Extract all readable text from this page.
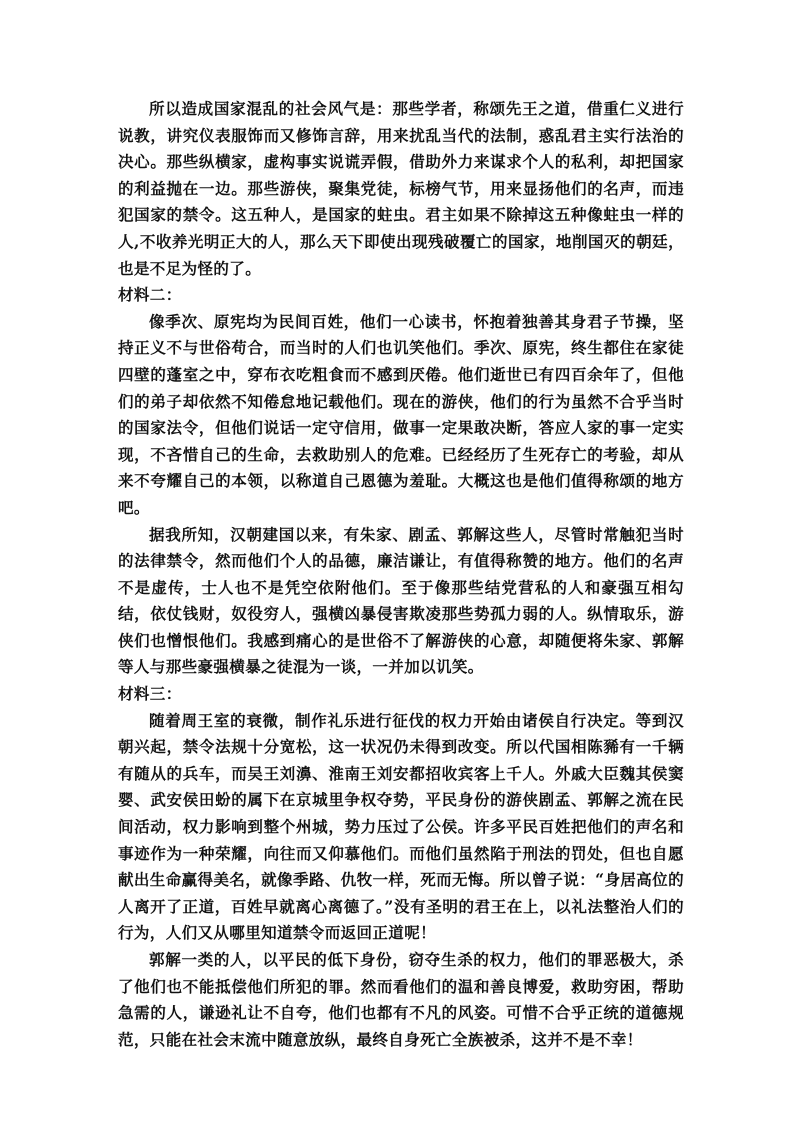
所以造成国家混乱的社会风气是：那些学者，称颂先王之道，借重仁义进行说教，讲究仪表服饰而又修饰言辞，用来扰乱当代的法制，惑乱君主实行法治的决心。那些纵横家，虚构事实说谎弄假，借助外力来谋求个人的私利，却把国家的利益抛在一边。那些游侠，聚集党徒，标榜气节，用来显扬他们的名声，而违犯国家的禁令。这五种人，是国家的蛀虫。君主如果不除掉这五种像蛀虫一样的人,不收养光明正大的人，那么天下即使出现残破覆亡的国家，地削国灭的朝廷，也是不足为怪的了。

材料二：

像季次、原宪均为民间百姓，他们一心读书，怀抱着独善其身君子节操，坚持正义不与世俗苟合，而当时的人们也讥笑他们。季次、原宪，终生都住在家徒四壁的蓬室之中，穿布衣吃粗食而不感到厌倦。他们逝世已有四百余年了，但他们的弟子却依然不知倦怠地记载他们。现在的游侠，他们的行为虽然不合乎当时的国家法令，但他们说话一定守信用，做事一定果敢决断，答应人家的事一定实现，不吝惜自己的生命，去救助别人的危难。已经经历了生死存亡的考验，却从来不夸耀自己的本领，以称道自己恩德为羞耻。大概这也是他们值得称颂的地方吧。

据我所知，汉朝建国以来，有朱家、剧孟、郭解这些人，尽管时常触犯当时的法律禁令，然而他们个人的品德，廉洁谦让，有值得称赞的地方。他们的名声不是虚传，士人也不是凭空依附他们。至于像那些结党营私的人和豪强互相勾结，依仗钱财，奴役穷人，强横凶暴侵害欺凌那些势孤力弱的人。纵情取乐，游侠们也憎恨他们。我感到痛心的是世俗不了解游侠的心意，却随便将朱家、郭解等人与那些豪强横暴之徒混为一谈，一并加以讥笑。

材料三：

随着周王室的衰微，制作礼乐进行征伐的权力开始由诸侯自行决定。等到汉朝兴起，禁令法规十分宽松，这一状况仍未得到改变。所以代国相陈豨有一千辆有随从的兵车，而吴王刘濞、淮南王刘安都招收宾客上千人。外戚大臣魏其侯窦婴、武安侯田蚡的属下在京城里争权夺势，平民身份的游侠剧孟、郭解之流在民间活动，权力影响到整个州城，势力压过了公侯。许多平民百姓把他们的声名和事迹作为一种荣耀，向往而又仰慕他们。而他们虽然陷于刑法的罚处，但也自愿献出生命赢得美名，就像季路、仇牧一样，死而无悔。所以曾子说：“身居高位的人离开了正道，百姓早就离心离德了。”没有圣明的君王在上，以礼法整治人们的行为，人们又从哪里知道禁令而返回正道呢！

郭解一类的人，以平民的低下身份，窃夺生杀的权力，他们的罪恶极大，杀了他们也不能抵偿他们所犯的罪。然而看他们的温和善良博爱，救助穷困，帮助急需的人，谦逊礼让不自夸，他们也都有不凡的风姿。可惜不合乎正统的道德规范，只能在社会末流中随意放纵，最终自身死亡全族被杀，这并不是不幸！
